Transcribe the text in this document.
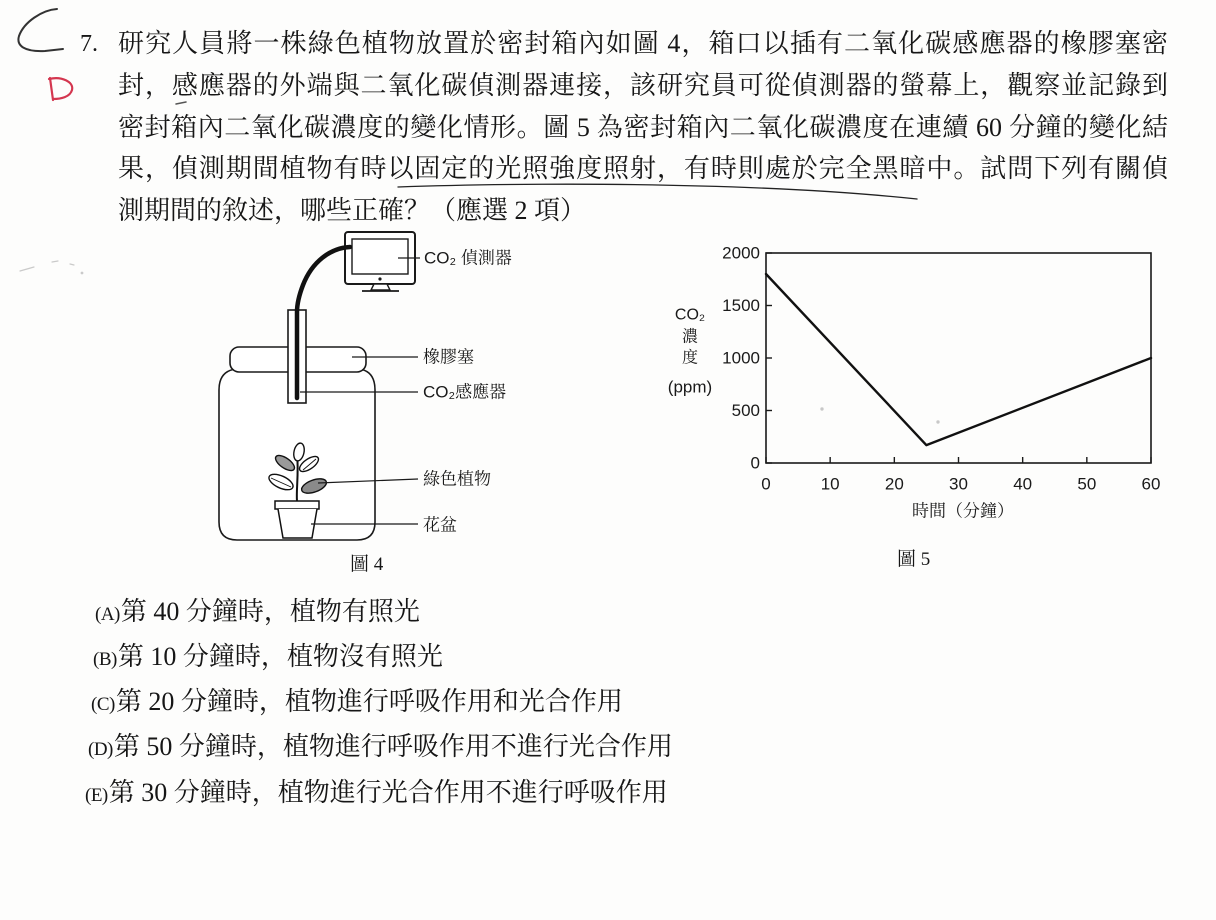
7. 研究人員將一株綠色植物放置於密封箱內如圖 4，箱口以插有二氧化碳感應器的橡膠塞密
封，感應器的外端與二氧化碳偵測器連接，該研究員可從偵測器的螢幕上，觀察並記錄到
密封箱內二氧化碳濃度的變化情形。圖 5 為密封箱內二氧化碳濃度在連續 60 分鐘的變化結
果，偵測期間植物有時以固定的光照強度照射，有時則處於完全黑暗中。試問下列有關偵
測期間的敘述，哪些正確？（應選 2 項）
CO₂ 偵測器
橡膠塞
CO₂感應器
綠色植物
花盆
圖 4
CO₂
濃
度
(ppm)
時間（分鐘）
0	10	20	30	40	50	60
0
500
1000
1500
2000
圖 5
(A)第 40 分鐘時，植物有照光
(B)第 10 分鐘時，植物沒有照光
(C)第 20 分鐘時，植物進行呼吸作用和光合作用
(D)第 50 分鐘時，植物進行呼吸作用不進行光合作用
(E)第 30 分鐘時，植物進行光合作用不進行呼吸作用
